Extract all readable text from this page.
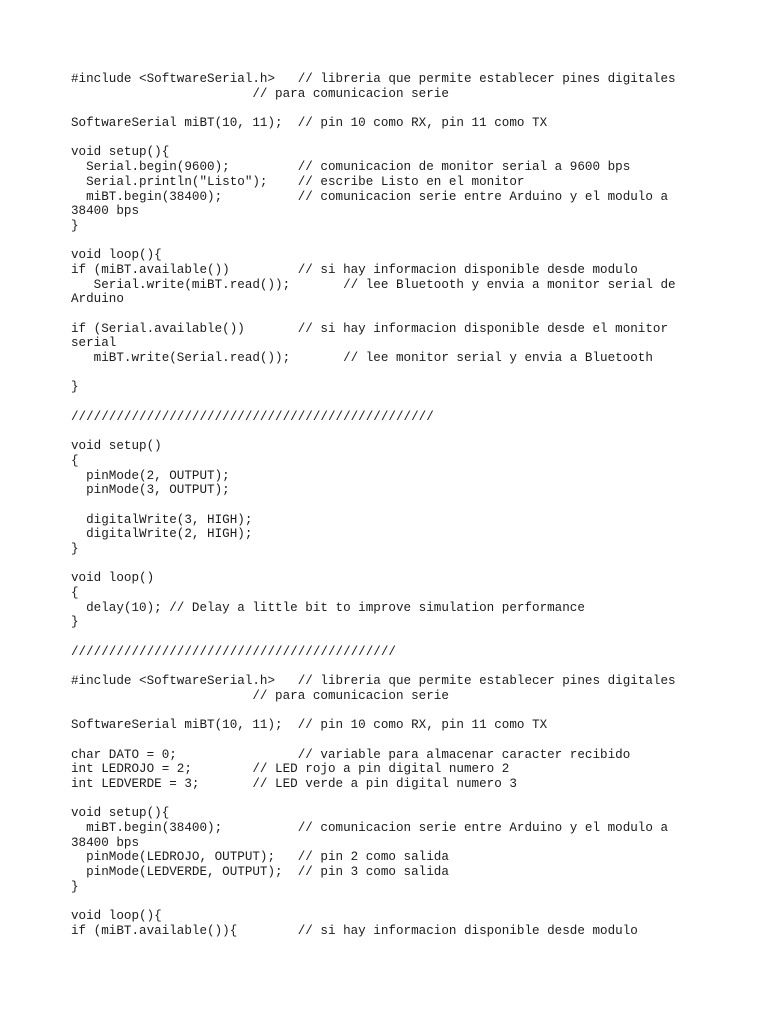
#include <SoftwareSerial.h>   // libreria que permite establecer pines digitales
// para comunicacion serie
SoftwareSerial miBT(10, 11);  // pin 10 como RX, pin 11 como TX
void setup(){
Serial.begin(9600);         // comunicacion de monitor serial a 9600 bps
Serial.println("Listo");    // escribe Listo en el monitor
miBT.begin(38400);          // comunicacion serie entre Arduino y el modulo a
38400 bps
}
void loop(){
if (miBT.available())         // si hay informacion disponible desde modulo
Serial.write(miBT.read());       // lee Bluetooth y envia a monitor serial de
Arduino
if (Serial.available())       // si hay informacion disponible desde el monitor
serial
miBT.write(Serial.read());       // lee monitor serial y envia a Bluetooth
}
////////////////////////////////////////////////
void setup()
{
pinMode(2, OUTPUT);
pinMode(3, OUTPUT);
digitalWrite(3, HIGH);
digitalWrite(2, HIGH);
}
void loop()
{
delay(10); // Delay a little bit to improve simulation performance
}
///////////////////////////////////////////
#include <SoftwareSerial.h>   // libreria que permite establecer pines digitales
// para comunicacion serie
SoftwareSerial miBT(10, 11);  // pin 10 como RX, pin 11 como TX
char DATO = 0;                // variable para almacenar caracter recibido
int LEDROJO = 2;        // LED rojo a pin digital numero 2
int LEDVERDE = 3;       // LED verde a pin digital numero 3
void setup(){
miBT.begin(38400);          // comunicacion serie entre Arduino y el modulo a
38400 bps
pinMode(LEDROJO, OUTPUT);   // pin 2 como salida
pinMode(LEDVERDE, OUTPUT);  // pin 3 como salida
}
void loop(){
if (miBT.available()){        // si hay informacion disponible desde modulo
